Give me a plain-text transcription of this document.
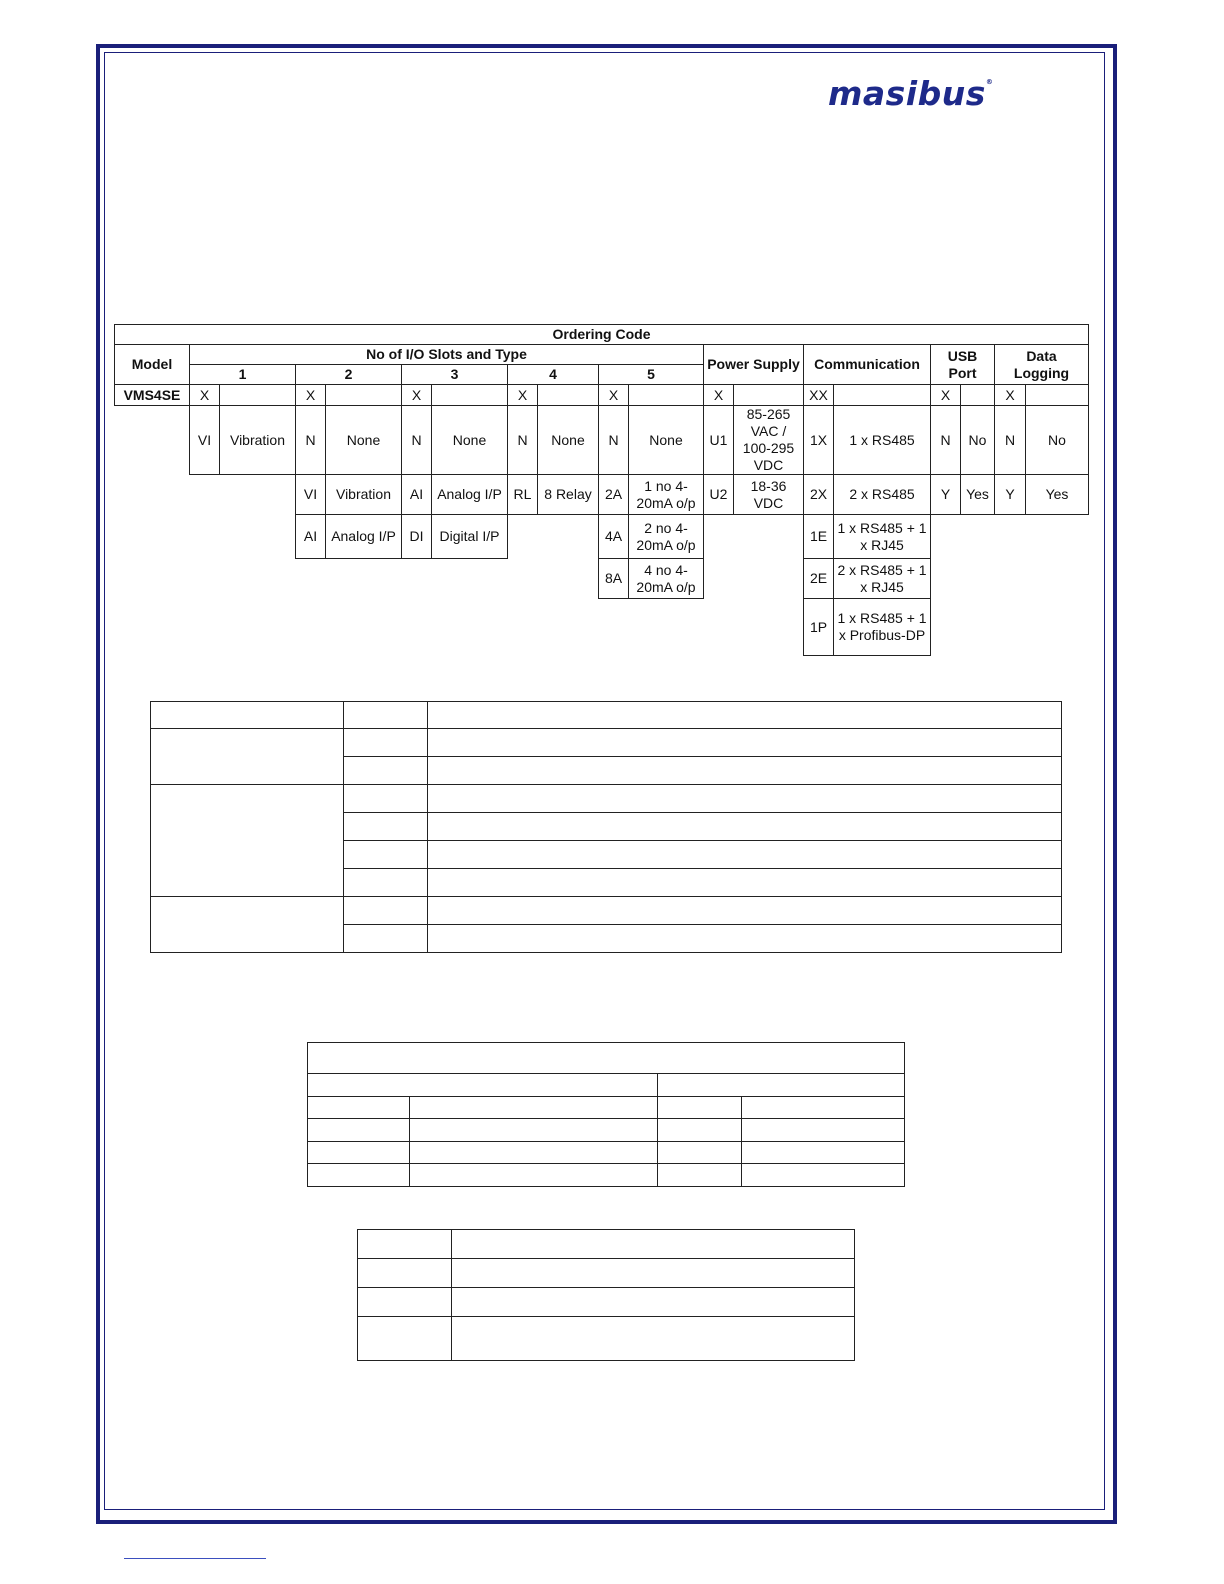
masibus®
Ordering Code																		
Model	No of I/O Slots and Type										Power Supply		Communication		USB Port		Data Logging	
	1		2		3		4		5									
VMS4SE	X		X		X		X		X		X		XX		X		X	
	VI	Vibration	N	None	N	None	N	None	N	None	U1	85-265 VAC / 100-295 VDC	1X	1 x RS485	N	No	N	No
			VI	Vibration	AI	Analog I/P	RL	8 Relay	2A	1 no 4-20mA o/p	U2	18-36 VDC	2X	2 x RS485	Y	Yes	Y	Yes
			AI	Analog I/P	DI	Digital I/P			4A	2 no 4-20mA o/p			1E	1 x RS485 + 1 x RJ45				
									8A	4 no 4-20mA o/p			2E	2 x RS485 + 1 x RJ45				
													1P	1 x RS485 + 1 x Profibus-DP				
